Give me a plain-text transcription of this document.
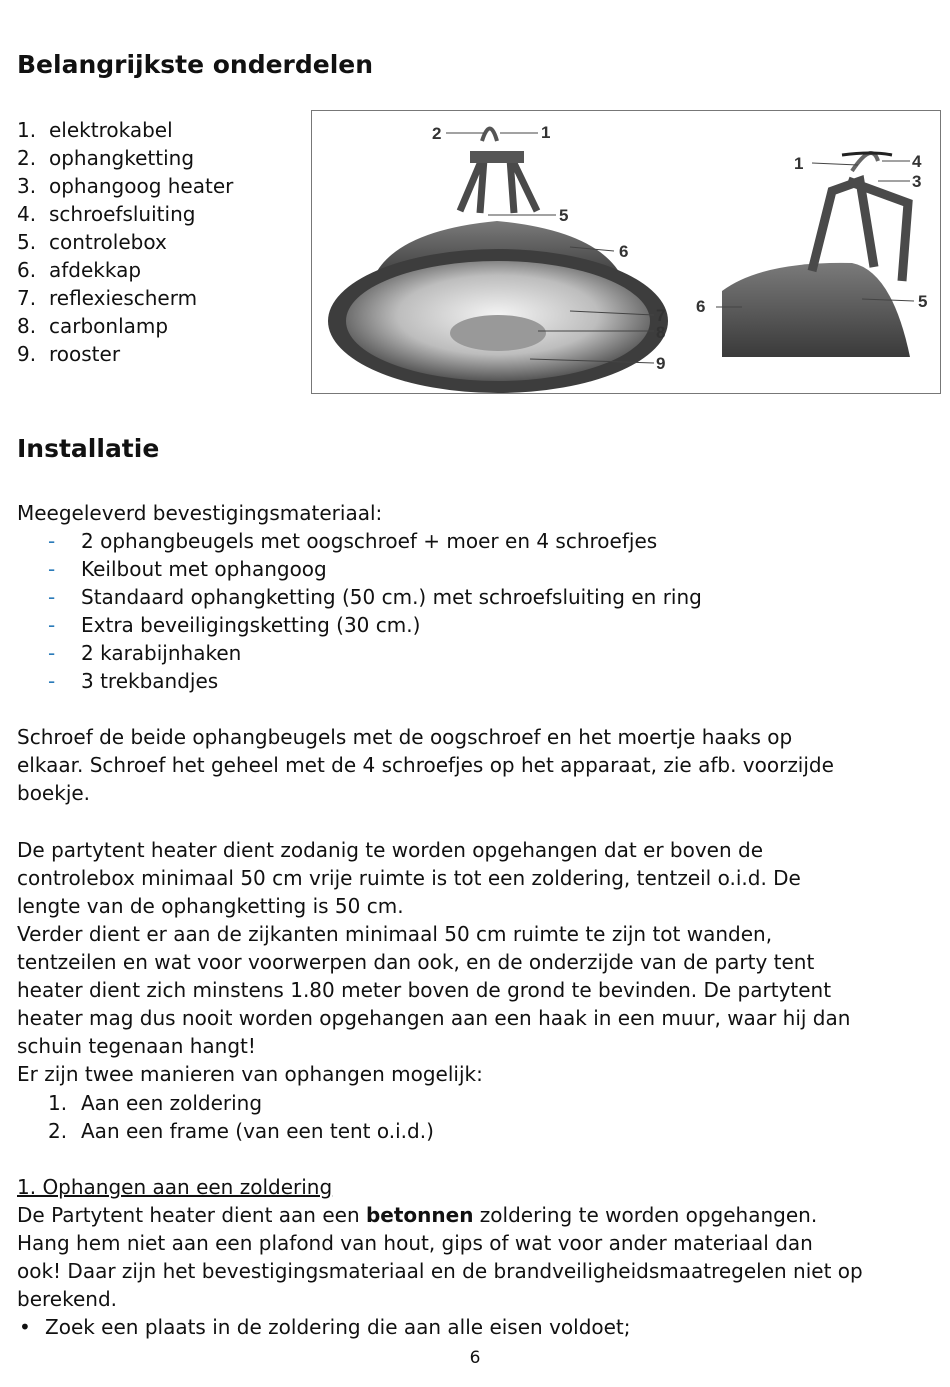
Belangrijkste onderdelen
1. elektrokabel
2. ophangketting
3. ophangoog heater
4. schroefsluiting
5. controlebox
6. afdekkap
7. reflexiescherm
8. carbonlamp
9. rooster
2	1
5
6
7
8
9
1	4
3
6	5
Installatie

Meegeleverd bevestigingsmateriaal:

- 2 ophangbeugels met oogschroef + moer en 4 schroefjes
- Keilbout met ophangoog
- Standaard ophangketting (50 cm.) met schroefsluiting en ring
- Extra beveiligingsketting (30 cm.)
- 2 karabijnhaken
- 3 trekbandjes
Schroef de beide ophangbeugels met de oogschroef en het moertje haaks op
elkaar. Schroef het geheel met de 4 schroefjes op het apparaat, zie afb. voorzijde
boekje.
De partytent heater dient zodanig te worden opgehangen dat er boven de
controlebox minimaal 50 cm vrije ruimte is tot een zoldering, tentzeil o.i.d. De
lengte van de ophangketting is 50 cm.
Verder dient er aan de zijkanten minimaal 50 cm ruimte te zijn tot wanden,
tentzeilen en wat voor voorwerpen dan ook, en de onderzijde van de party tent
heater dient zich minstens 1.80 meter boven de grond te bevinden. De partytent
heater mag dus nooit worden opgehangen aan een haak in een muur, waar hij dan
schuin tegenaan hangt!
Er zijn twee manieren van ophangen mogelijk:
1. Aan een zoldering
2. Aan een frame (van een tent o.i.d.)
1. Ophangen aan een zoldering
De Partytent heater dient aan een betonnen zoldering te worden opgehangen.
Hang hem niet aan een plafond van hout, gips of wat voor ander materiaal dan
ook! Daar zijn het bevestigingsmateriaal en de brandveiligheidsmaatregelen niet op
berekend.
• Zoek een plaats in de zoldering die aan alle eisen voldoet;
6
